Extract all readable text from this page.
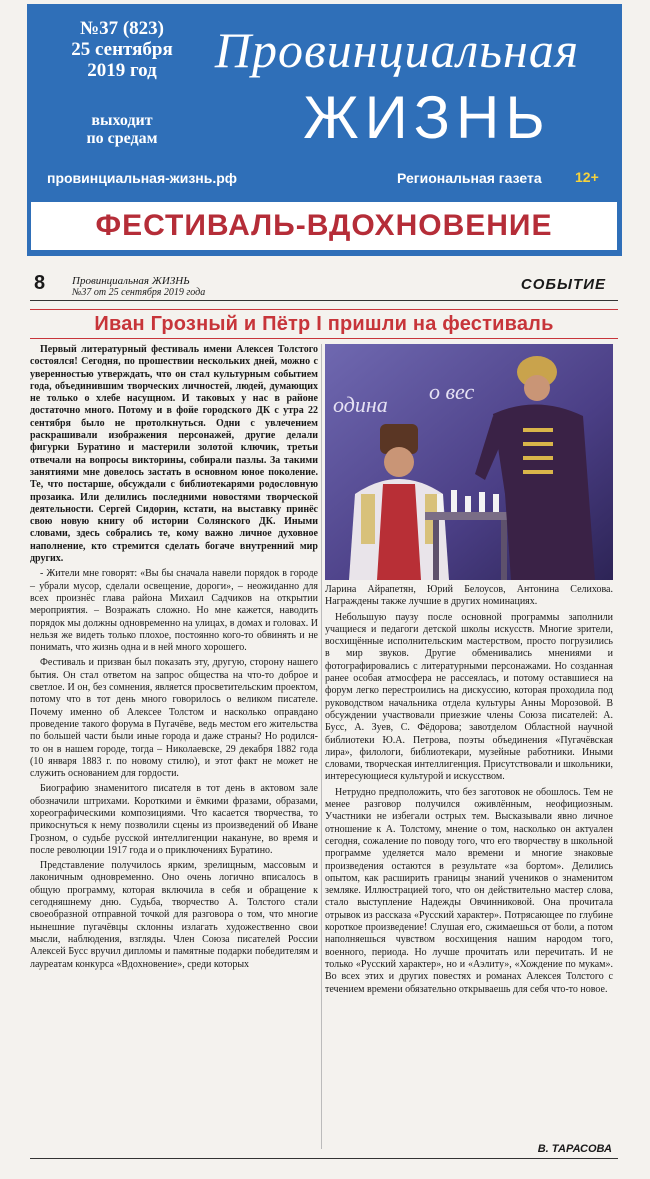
№37 (823)
25 сентября
2019 год
выходит
по средам
Провинциальная
ЖИЗНЬ
провинциальная-жизнь.рф	Региональная газета 12+
ФЕСТИВАЛЬ-ВДОХНОВЕНИЕ
8 Провинциальная ЖИЗНЬ
№37 от 25 сентября 2019 года	СОБЫТИЕ
Иван Грозный и Пётр I пришли на фестиваль
одина
о вес

Первый литературный фестиваль имени Алексея Толстого состоялся! Сегодня, по прошествии нескольких дней, можно с уверенностью утверждать, что он стал культурным событием года, объединившим творческих личностей, людей, думающих не только о хлебе насущном. И таковых у нас в районе достаточно много. Потому и в фойе городского ДК с утра 22 сентября было не протолкнуться. Одни с увлечением раскрашивали изображения персонажей, другие делали фигурки Буратино и мастерили золотой ключик, третьи отвечали на вопросы викторины, собирали пазлы. За такими занятиями мне довелось застать в основном юное поколение. Те, что постарше, обсуждали с библиотекарями родословную прозаика. Или делились последними новостями творческой деятельности. Сергей Сидорин, кстати, на выставку принёс свою новую книгу об истории Солянского ДК. Иными словами, здесь собрались те, кому важно личное духовное наполнение, кто стремится сделать богаче внутренний мир других.

- Жители мне говорят: «Вы бы сначала навели порядок в городе – убрали мусор, сделали освещение, дороги», – неожиданно для всех произнёс глава района Михаил Садчиков на открытии мероприятия. – Возражать сложно. Но мне кажется, наводить порядок мы должны одновременно на улицах, в домах и головах. И нельзя же видеть только плохое, постоянно кого-то обвинять и не понимать, что жизнь одна и в ней много хорошего.

Фестиваль и призван был показать эту, другую, сторону нашего бытия. Он стал ответом на запрос общества на что-то доброе и светлое. И он, без сомнения, является просветительским проектом, потому что в тот день много говорилось о великом писателе. Почему именно об Алексее Толстом и насколько оправдано проведение такого форума в Пугачёве, ведь местом его жительства по большей части были иные города и даже страны? Но родился-то он в нашем городе, тогда – Николаевске, 29 декабря 1882 года (10 января 1883 г. по новому стилю), и этот факт не может не служить основанием для гордости.

Биографию знаменитого писателя в тот день в актовом зале обозначили штрихами. Короткими и ёмкими фразами, образами, хореографическими композициями. Что касается творчества, то прикоснуться к нему позволили сцены из произведений об Иване Грозном, о судьбе русской интеллигенции накануне, во время и после революции 1917 года и о приключениях Буратино.

Представление получилось ярким, зрелищным, массовым и лаконичным одновременно. Оно очень логично вписалось в общую программу, которая включила в себя и обращение к сегодняшнему дню. Судьба, творчество А. Толстого стали своеобразной отправной точкой для разговора о том, что многие нынешние пугачёвцы склонны излагать художественно свои мысли, наблюдения, взгляды. Член Союза писателей России Алексей Бусс вручил дипломы и памятные подарки победителям и лауреатам конкурса «Вдохновение», среди которых

Ларина Айрапетян, Юрий Белоусов, Антонина Селихова. Награждены также лучшие в других номинациях.

Небольшую паузу после основной программы заполнили учащиеся и педагоги детской школы искусств. Многие зрители, восхищённые исполнительским мастерством, просто погрузились в мир звуков. Другие обменивались мнениями и фотографировались с литературными персонажами. Но созданная ранее особая атмосфера не рассеялась, и потому оставшиеся на форум легко перестроились на дискуссию, которая проходила под руководством начальника отдела культуры Анны Морозовой. В обсуждении участвовали приезжие члены Союза писателей: А. Бусс, А. Зуев, С. Фёдорова; завотделом Областной научной библиотеки Ю.А. Петрова, поэты объединения «Пугачёвская лира», филологи, библиотекари, музейные работники. Иными словами, творческая интеллигенция. Присутствовали и школьники, интересующиеся культурой и искусством.

Нетрудно предположить, что без заготовок не обошлось. Тем не менее разговор получился оживлённым, неофициозным. Участники не избегали острых тем. Высказывали явно личное отношение к А. Толстому, мнение о том, насколько он актуален сегодня, сожаление по поводу того, что его творчеству в школьной программе уделяется мало времени и многие знаковые произведения остаются в результате «за бортом». Делились опытом, как расширить границы знаний учеников о знаменитом земляке. Иллюстрацией того, что он действительно мастер слова, стало выступление Надежды Овчинниковой. Она прочитала отрывок из рассказа «Русский характер». Потрясающее по глубине короткое произведение! Слушая его, сжимаешься от боли, а потом наполняешься чувством восхищения нашим народом того, военного, периода. Но лучше прочитать или перечитать. И не только «Русский характер», но и «Аэлиту», «Хождение по мукам». Во всех этих и других повестях и романах Алексея Толстого с течением времени обязательно открываешь для себя что-то новое.

В. ТАРАСОВА
